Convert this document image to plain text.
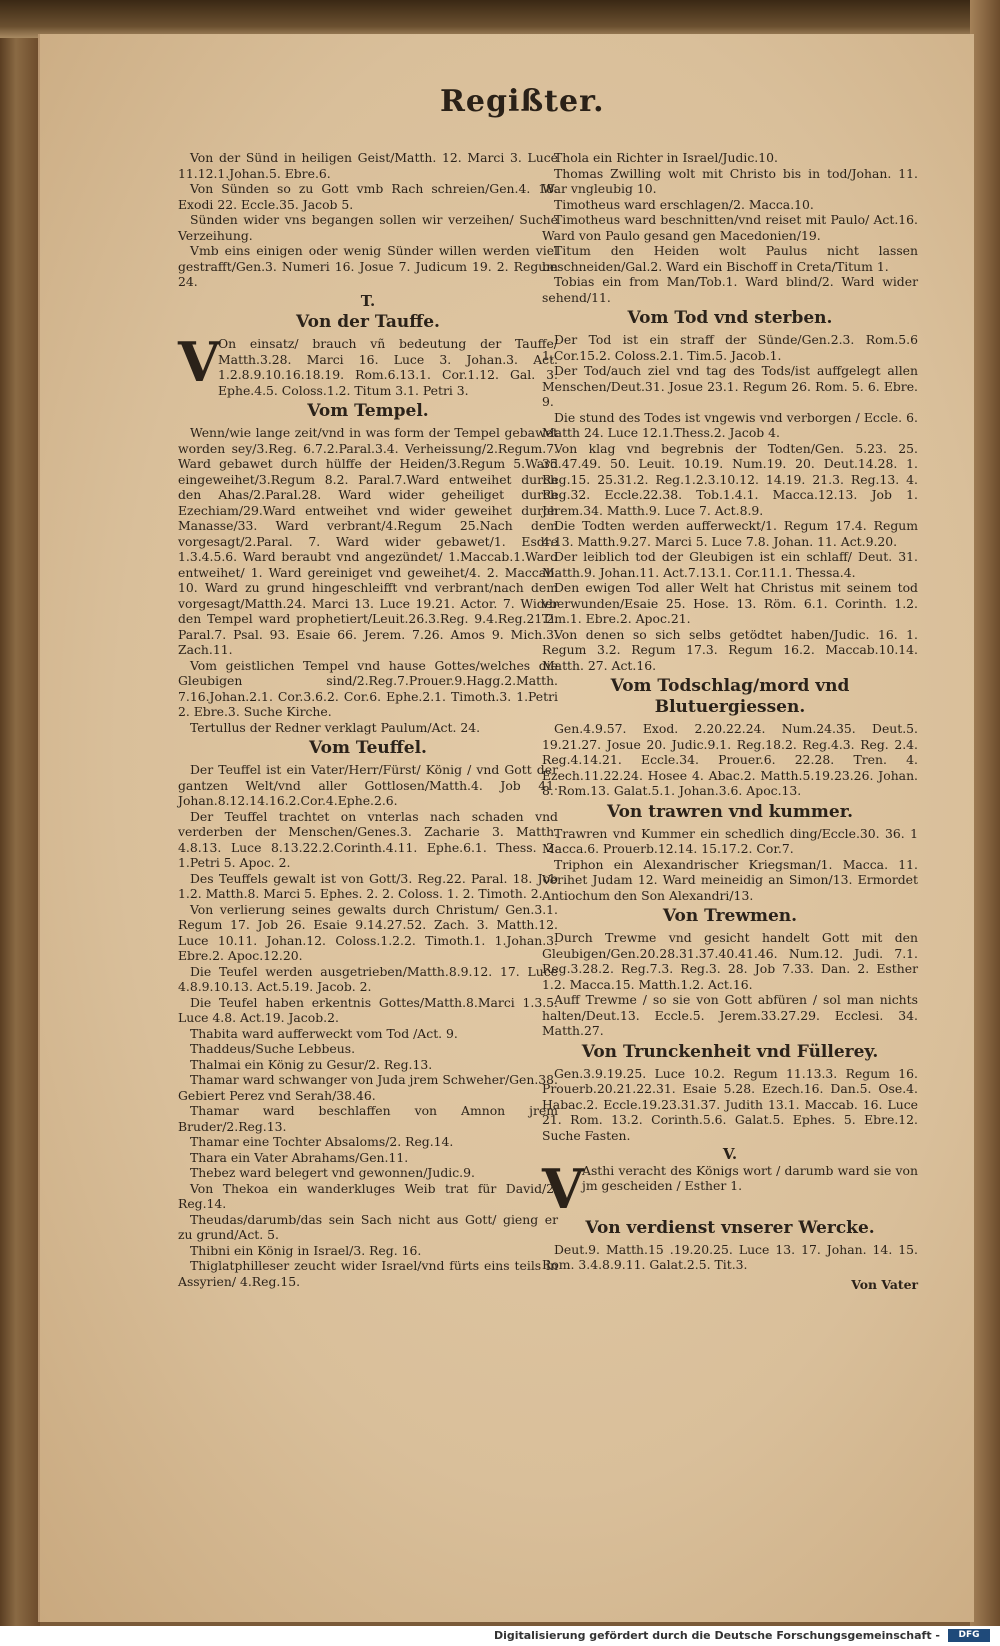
Regißter.

Von der Sünd in heiligen Geist/Matth. 12. Marci 3. Luce 11.12.1.Johan.5. Ebre.6.

Von Sünden so zu Gott vmb Rach schreien/Gen.4. 18. Exodi 22. Eccle.35. Jacob 5.

Sünden wider vns begangen sollen wir verzeihen/ Suche Verzeihung.

Vmb eins einigen oder wenig Sünder willen werden viel gestrafft/Gen.3. Numeri 16. Josue 7. Judicum 19. 2. Regum 24.

T.
Von der Tauffe.
V

On einsatz/ brauch vñ bedeutung der Tauffe/ Matth.3.28. Marci 16. Luce 3. Johan.3. Act. 1.2.8.9.10.16.18.19. Rom.6.13.1. Cor.1.12. Gal. 3. Ephe.4.5. Coloss.1.2. Titum 3.1. Petri 3.

Vom Tempel.

Wenn/wie lange zeit/vnd in was form der Tempel gebawet worden sey/3.Reg. 6.7.2.Paral.3.4. Verheissung/2.Regum.7. Ward gebawet durch hülffe der Heiden/3.Regum 5.Ward eingeweihet/3.Regum 8.2. Paral.7.Ward entweihet durch den Ahas/2.Paral.28. Ward wider geheiliget durch Ezechiam/29.Ward entweihet vnd wider geweihet durch Manasse/33. Ward verbrant/4.Regum 25.Nach dem vorgesagt/2.Paral. 7. Ward wider gebawet/1. Esdre 1.3.4.5.6. Ward beraubt vnd angezündet/ 1.Maccab.1.Ward entweihet/ 1. Ward gereiniget vnd geweihet/4. 2. Maccab. 10. Ward zu grund hingeschleifft vnd verbrant/nach dem vorgesagt/Matth.24. Marci 13. Luce 19.21. Actor. 7. Wider den Tempel ward prophetiert/Leuit.26.3.Reg. 9.4.Reg.21.2. Paral.7. Psal. 93. Esaie 66. Jerem. 7.26. Amos 9. Mich.3. Zach.11.

Vom geistlichen Tempel vnd hause Gottes/welches die Gleubigen sind/2.Reg.7.Prouer.9.Hagg.2.Matth. 7.16.Johan.2.1. Cor.3.6.2. Cor.6. Ephe.2.1. Timoth.3. 1.Petri 2. Ebre.3. Suche Kirche.

Tertullus der Redner verklagt Paulum/Act. 24.

Vom Teuffel.

Der Teuffel ist ein Vater/Herr/Fürst/ König / vnd Gott der gantzen Welt/vnd aller Gottlosen/Matth.4. Job 41. Johan.8.12.14.16.2.Cor.4.Ephe.2.6.

Der Teuffel trachtet on vnterlas nach schaden vnd verderben der Menschen/Genes.3. Zacharie 3. Matth. 4.8.13. Luce 8.13.22.2.Corinth.4.11. Ephe.6.1. Thess. 2. 1.Petri 5. Apoc. 2.

Des Teuffels gewalt ist von Gott/3. Reg.22. Paral. 18. Job 1.2. Matth.8. Marci 5. Ephes. 2. 2. Coloss. 1. 2. Timoth. 2.

Von verlierung seines gewalts durch Christum/ Gen.3.1. Regum 17. Job 26. Esaie 9.14.27.52. Zach. 3. Matth.12. Luce 10.11. Johan.12. Coloss.1.2.2. Timoth.1. 1.Johan.3. Ebre.2. Apoc.12.20.

Die Teufel werden ausgetrieben/Matth.8.9.12. 17. Luce 4.8.9.10.13. Act.5.19. Jacob. 2.

Die Teufel haben erkentnis Gottes/Matth.8.Marci 1.3.5. Luce 4.8. Act.19. Jacob.2.

Thabita ward aufferweckt vom Tod /Act. 9.

Thaddeus/Suche Lebbeus.

Thalmai ein König zu Gesur/2. Reg.13.

Thamar ward schwanger von Juda jrem Schweher/Gen.38. Gebiert Perez vnd Serah/38.46.

Thamar ward beschlaffen von Amnon jrem Bruder/2.Reg.13.

Thamar eine Tochter Absaloms/2. Reg.14.

Thara ein Vater Abrahams/Gen.11.

Thebez ward belegert vnd gewonnen/Judic.9.

Von Thekoa ein wanderkluges Weib trat für David/2. Reg.14.

Theudas/darumb/das sein Sach nicht aus Gott/ gieng er zu grund/Act. 5.

Thibni ein König in Israel/3. Reg. 16.

Thiglatphilleser zeucht wider Israel/vnd fürts eins teils in Assyrien/ 4.Reg.15.

Thola ein Richter in Israel/Judic.10.

Thomas Zwilling wolt mit Christo bis in tod/Johan. 11. War vngleubig 10.

Timotheus ward erschlagen/2. Macca.10.

Timotheus ward beschnitten/vnd reiset mit Paulo/ Act.16. Ward von Paulo gesand gen Macedonien/19.

Titum den Heiden wolt Paulus nicht lassen beschneiden/Gal.2. Ward ein Bischoff in Creta/Titum 1.

Tobias ein from Man/Tob.1. Ward blind/2. Ward wider sehend/11.

Vom Tod vnd sterben.

Der Tod ist ein straff der Sünde/Gen.2.3. Rom.5.6 1.Cor.15.2. Coloss.2.1. Tim.5. Jacob.1.

Der Tod/auch ziel vnd tag des Tods/ist auffgelegt allen Menschen/Deut.31. Josue 23.1. Regum 26. Rom. 5. 6. Ebre. 9.

Die stund des Todes ist vngewis vnd verborgen / Eccle. 6. Matth 24. Luce 12.1.Thess.2. Jacob 4.

Von klag vnd begrebnis der Todten/Gen. 5.23. 25. 35.47.49. 50. Leuit. 10.19. Num.19. 20. Deut.14.28. 1. Reg.15. 25.31.2. Reg.1.2.3.10.12. 14.19. 21.3. Reg.13. 4. Reg.32. Eccle.22.38. Tob.1.4.1. Macca.12.13. Job 1. Jerem.34. Matth.9. Luce 7. Act.8.9.

Die Todten werden aufferweckt/1. Regum 17.4. Regum 4.13. Matth.9.27. Marci 5. Luce 7.8. Johan. 11. Act.9.20.

Der leiblich tod der Gleubigen ist ein schlaff/ Deut. 31. Matth.9. Johan.11. Act.7.13.1. Cor.11.1. Thessa.4.

Den ewigen Tod aller Welt hat Christus mit seinem tod vberwunden/Esaie 25. Hose. 13. Röm. 6.1. Corinth. 1.2. Tim.1. Ebre.2. Apoc.21.

Von denen so sich selbs getödtet haben/Judic. 16. 1. Regum 3.2. Regum 17.3. Regum 16.2. Maccab.10.14. Matth. 27. Act.16.

Vom Todschlag/mord vnd Blutuergiessen.

Gen.4.9.57. Exod. 2.20.22.24. Num.24.35. Deut.5. 19.21.27. Josue 20. Judic.9.1. Reg.18.2. Reg.4.3. Reg. 2.4. Reg.4.14.21. Eccle.34. Prouer.6. 22.28. Tren. 4. Ezech.11.22.24. Hosee 4. Abac.2. Matth.5.19.23.26. Johan. 8. Rom.13. Galat.5.1. Johan.3.6. Apoc.13.

Von trawren vnd kummer.

Trawren vnd Kummer ein schedlich ding/Eccle.30. 36. 1 Macca.6. Prouerb.12.14. 15.17.2. Cor.7.

Triphon ein Alexandrischer Kriegsman/1. Macca. 11. Verihet Judam 12. Ward meineidig an Simon/13. Ermordet Antiochum den Son Alexandri/13.

Von Trewmen.

Durch Trewme vnd gesicht handelt Gott mit den Gleubigen/Gen.20.28.31.37.40.41.46. Num.12. Judi. 7.1. Reg.3.28.2. Reg.7.3. Reg.3. 28. Job 7.33. Dan. 2. Esther 1.2. Macca.15. Matth.1.2. Act.16.

Auff Trewme / so sie von Gott abfüren / sol man nichts halten/Deut.13. Eccle.5. Jerem.33.27.29. Ecclesi. 34. Matth.27.

Von Trunckenheit vnd Füllerey.

Gen.3.9.19.25. Luce 10.2. Regum 11.13.3. Regum 16. Prouerb.20.21.22.31. Esaie 5.28. Ezech.16. Dan.5. Ose.4. Habac.2. Eccle.19.23.31.37. Judith 13.1. Maccab. 16. Luce 21. Rom. 13.2. Corinth.5.6. Galat.5. Ephes. 5. Ebre.12. Suche Fasten.

V.
V

Asthi veracht des Königs wort / darumb ward sie von jm gescheiden / Esther 1.

Von verdienst vnserer Wercke.

Deut.9. Matth.15 .19.20.25. Luce 13. 17. Johan. 14. 15. Rom. 3.4.8.9.11. Galat.2.5. Tit.3.

Von Vater

Digitalisierung gefördert durch die Deutsche Forschungsgemeinschaft -	DFG
